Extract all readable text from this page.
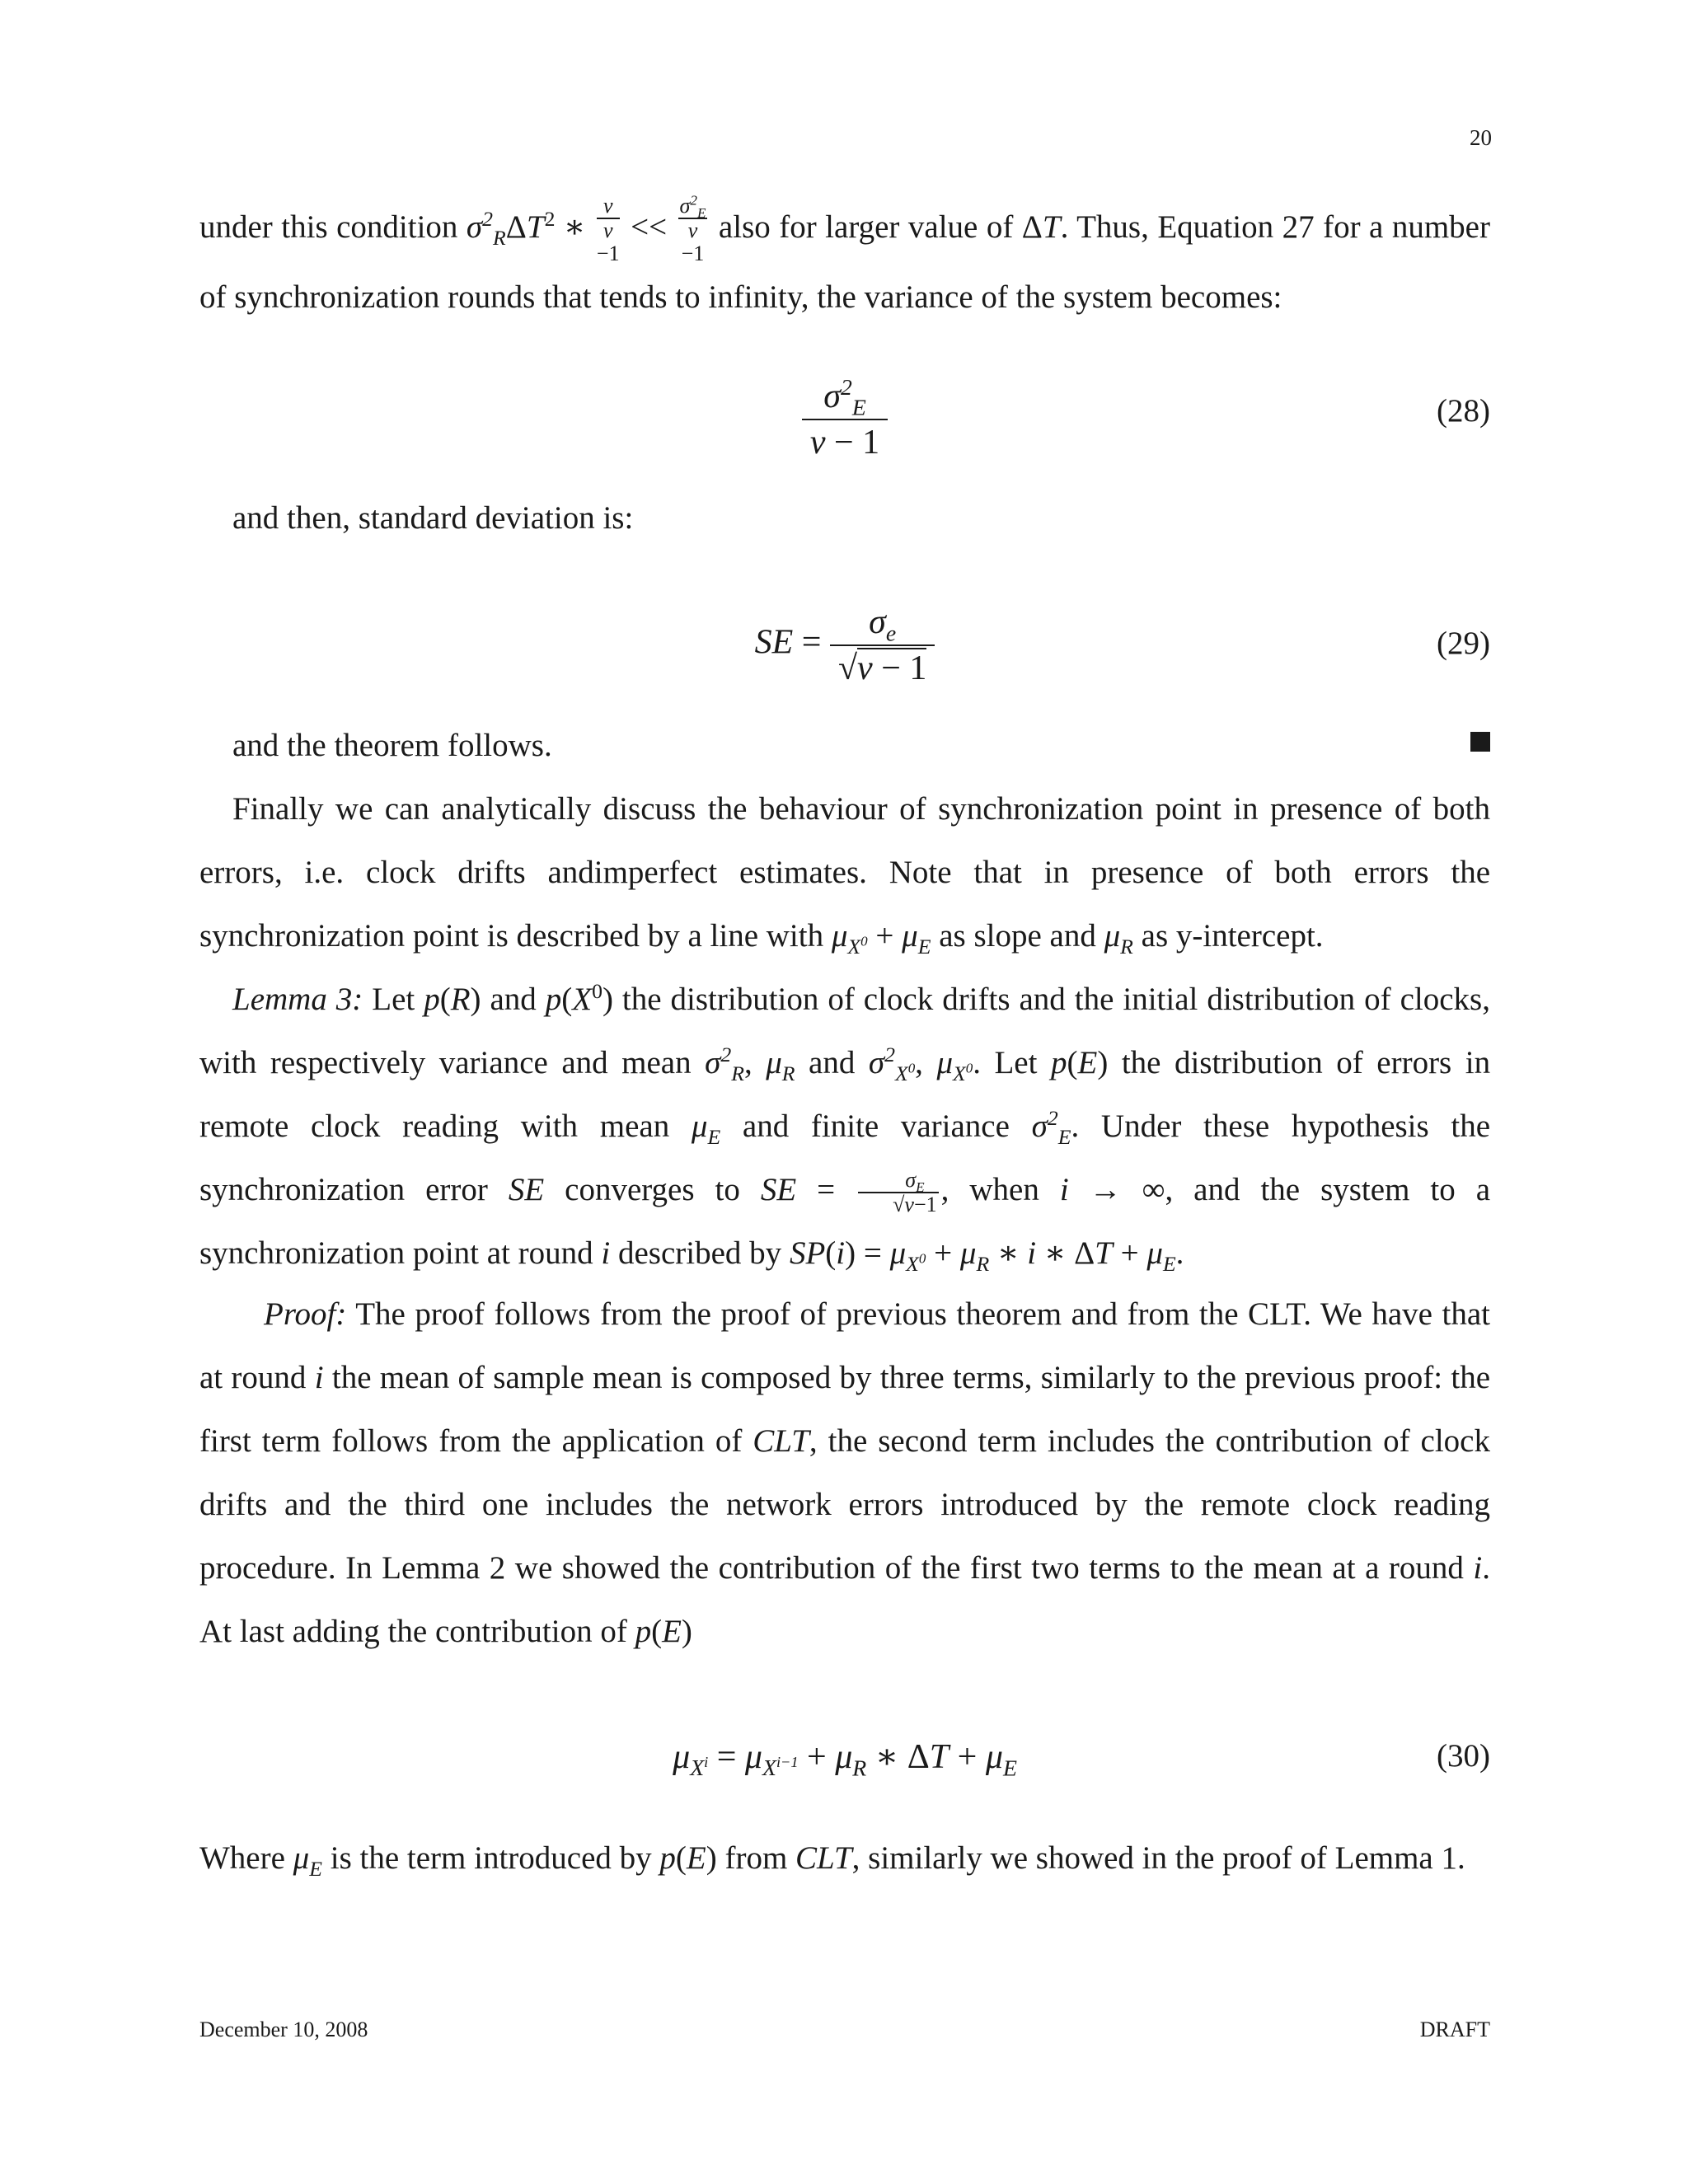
20

under this condition $\sigma^2_R\Delta T^2$ ∗
v
v
−1 <<
$\sigma^2_E$
v
−1 also for larger value of ΔT. Thus, Equation 27 for a number of synchronization rounds that tends to infinity, the variance of the system becomes:

$\frac{\sigma^2_E}{v - 1}$	(28)

and then, standard deviation is:

SE = $\frac{\sigma_e}{√v - 1}$	(29)

and the theorem follows.

Finally we can analytically discuss the behaviour of synchronization point in presence of both errors, i.e. clock drifts andimperfect estimates. Note that in presence of both errors the synchronization point is described by a line with $\mu_{X^0} + \mu_E$ as slope and $\mu_R$ as y-intercept.

Lemma 3: Let p(R) and $p(X^0)$ the distribution of clock drifts and the initial distribution of clocks, with respectively variance and mean $\sigma^2_R$, $\mu_R$ and $\sigma^2_{X^0}$, $\mu_{X^0}$. Let p(E) the distribution of errors in remote clock reading with mean $\mu_E$ and finite variance $\sigma^2_E$. Under these hypothesis the synchronization error SE converges to SE = $\frac{\sigma_E}{√v-1}$ , when i → ∞, and the system to a synchronization point at round i described by $SP(i) = \mu_{X^0} + \mu_R$ ∗ i ∗ $\Delta T + \mu_E$.

Proof: The proof follows from the proof of previous theorem and from the CLT. We have that at round i the mean of sample mean is composed by three terms, similarly to the previous proof: the first term follows from the application of CLT, the second term includes the contribution of clock drifts and the third one includes the network errors introduced by the remote clock reading procedure. In Lemma 2 we showed the contribution of the first two terms to the mean at a round i. At last adding the contribution of p(E)

$\mu_{X^i} = \mu_{X^{i-1}} + \mu_R$ ∗ $\Delta T + \mu_E$	(30)

Where $\mu_E$ is the term introduced by p(E) from CLT, similarly we showed in the proof of Lemma 1.

December 10, 2008	DRAFT
